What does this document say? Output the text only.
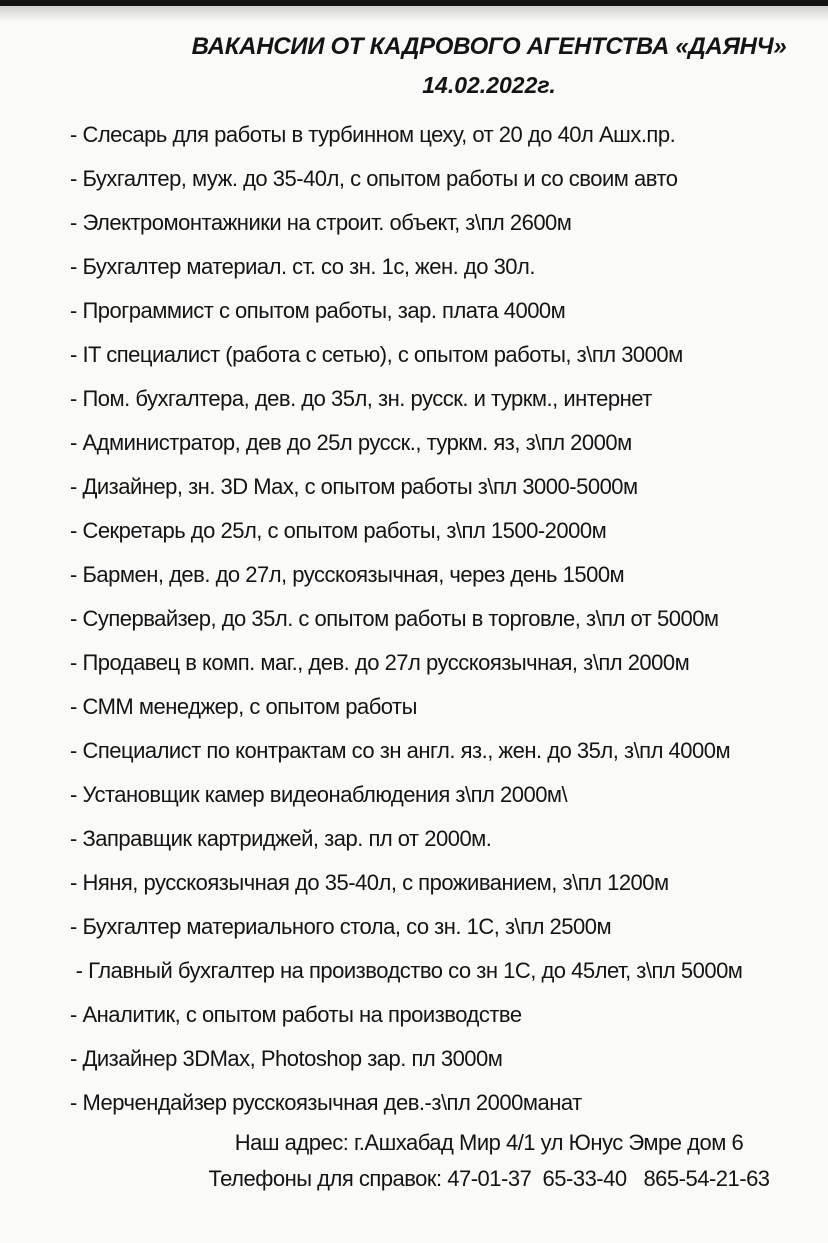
ВАКАНСИИ ОТ КАДРОВОГО АГЕНТСТВА «ДАЯНЧ»
14.02.2022г.
- Слесарь для работы в турбинном цеху, от 20 до 40л Ашх.пр.
- Бухгалтер, муж. до 35-40л, с опытом работы и со своим авто
- Электромонтажники на строит. объект, з\пл 2600м
- Бухгалтер материал. ст. со зн. 1с, жен. до 30л.
- Программист с опытом работы, зар. плата 4000м
- IT специалист (работа с сетью), с опытом работы, з\пл 3000м
- Пом. бухгалтера, дев. до 35л, зн. русск. и туркм., интернет
- Администратор, дев до 25л русск., туркм. яз, з\пл 2000м
- Дизайнер, зн. 3D Max, с опытом работы з\пл 3000-5000м
- Секретарь до 25л, с опытом работы, з\пл 1500-2000м
- Бармен, дев. до 27л, русскоязычная, через день 1500м
- Супервайзер, до 35л. с опытом работы в торговле, з\пл от 5000м
- Продавец в комп. маг., дев. до 27л русскоязычная, з\пл 2000м
- СММ менеджер, с опытом работы
- Специалист по контрактам со зн англ. яз., жен. до 35л, з\пл 4000м
- Установщик камер видеонаблюдения з\пл 2000м\
- Заправщик картриджей, зар. пл от 2000м.
- Няня, русскоязычная до 35-40л, с проживанием, з\пл 1200м
- Бухгалтер материального стола, со зн. 1С, з\пл 2500м
- Главный бухгалтер на производство со зн 1С, до 45лет, з\пл 5000м
- Аналитик, с опытом работы на производстве
- Дизайнер 3DMax, Photoshop зар. пл 3000м
- Мерчендайзер русскоязычная дев.-з\пл 2000манат
Наш адрес: г.Ашхабад Мир 4/1 ул Юнус Эмре дом 6
Телефоны для справок: 47-01-37  65-33-40   865-54-21-63
